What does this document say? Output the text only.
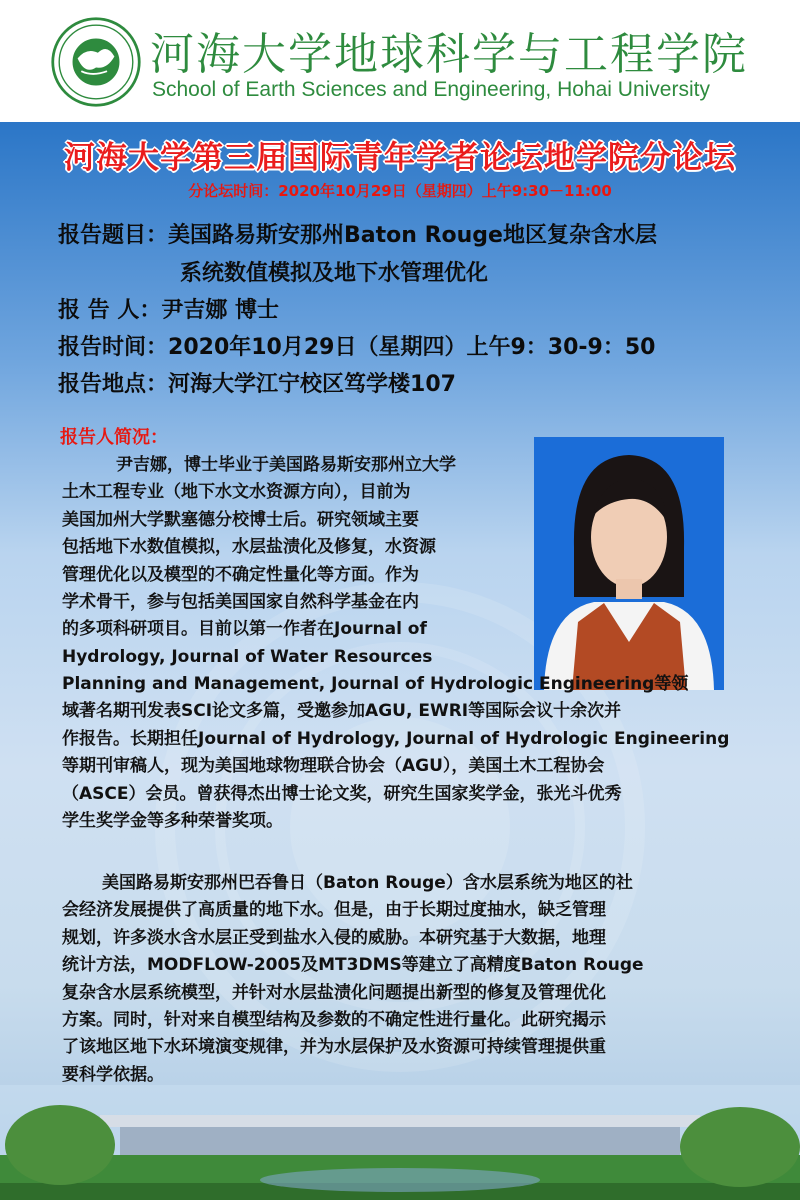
河海大学地球科学与工程学院
School of Earth Sciences and Engineering, Hohai University
河海大学第三届国际青年学者论坛地学院分论坛
分论坛时间：2020年10月29日（星期四）上午9:30－11:00
报告题目：美国路易斯安那州Baton Rouge地区复杂含水层
系统数值模拟及地下水管理优化
报 告 人：尹吉娜 博士
报告时间：2020年10月29日（星期四）上午9：30-9：50
报告地点：河海大学江宁校区笃学楼107
报告人简况：
尹吉娜，博士毕业于美国路易斯安那州立大学
土木工程专业（地下水文水资源方向），目前为
美国加州大学默塞德分校博士后。研究领域主要
包括地下水数值模拟，水层盐渍化及修复，水资源
管理优化以及模型的不确定性量化等方面。作为
学术骨干，参与包括美国国家自然科学基金在内
的多项科研项目。目前以第一作者在Journal of
Hydrology, Journal of Water Resources
Planning and Management, Journal of Hydrologic Engineering等领
域著名期刊发表SCI论文多篇，受邀参加AGU, EWRI等国际会议十余次并
作报告。长期担任Journal of Hydrology, Journal of Hydrologic Engineering
等期刊审稿人，现为美国地球物理联合协会（AGU），美国土木工程协会
（ASCE）会员。曾获得杰出博士论文奖，研究生国家奖学金，张光斗优秀
学生奖学金等多种荣誉奖项。
美国路易斯安那州巴吞鲁日（Baton Rouge）含水层系统为地区的社
会经济发展提供了高质量的地下水。但是，由于长期过度抽水，缺乏管理
规划，许多淡水含水层正受到盐水入侵的威胁。本研究基于大数据，地理
统计方法，MODFLOW-2005及MT3DMS等建立了高精度Baton Rouge
复杂含水层系统模型，并针对水层盐渍化问题提出新型的修复及管理优化
方案。同时，针对来自模型结构及参数的不确定性进行量化。此研究揭示
了该地区地下水环境演变规律，并为水层保护及水资源可持续管理提供重
要科学依据。
